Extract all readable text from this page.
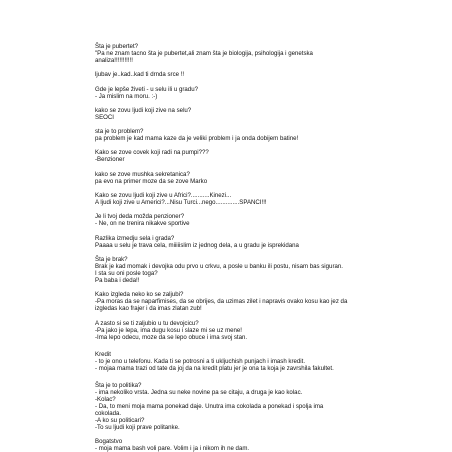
Šta je pubertet?
"Pa ne znam tacno šta je pubertet,ali znam šta je biologija, psihologija i genetska
analiza!!!!!!!!!!!
ljubav je..kad..kad ti drnda srce !!
Gde je lepše živeti - u selu ili u gradu?
- Ja mislim na moru. :-)
kako se zovu ljudi koji zive na selu?
SEOCI
sta je to problem?
pa problem je kad mama kaze da je veliki problem i ja onda dobijem batine!
Kako se zove covek koji radi na pumpi???
-Benzioner
kako se zove mushka sekretanica?
pa evo na primer moze da se zove Marko
Kako se zovu ljudi koji zive u Africi?...........Kinezi...
A ljudi koji zive u Americi?...Nisu Turci...nego..............SPANCI!!!
Je li tvoj deda možda penzioner?
- Ne, on ne trenira nikakve sportive
Razlika izmedju sela i grada?
Paaaa u selu je trava cela, miiiiislim iz jednog dela, a u gradu je isprekidana
Šta je brak?
Brak je kad momak i devojka odu prvo u crkvu, a posle u banku ili postu, nisam bas siguran.
I sta su oni posle toga?
Pa baba i deda!!
Kako izgleda neko ko se zaljubi?
-Pa moras da se naparfimises, da se obrijes, da uzimas zilet i napravis ovako kosu kao jez da
izgledas kao frajer i da imas zlatan zub!
A zasto si se ti zaljubio u tu devojcicu?
-Pa jako je lepa, ima dugu kosu i slaze mi se uz mene!
-Ima lepo odecu, moze da se lepo obuce i ima svoj stan.
Kredit
- to je ono u telefonu. Kada ti se potrosni a ti ukljuchish punjach i imash kredit.
- mojaa mama trazi od tate da joj da na kredit platu jer je ona ta koja je zavrshila fakultet.
Šta je to politika?
- ima nekoliko vrsta. Jedna su neke novine pa se citaju, a druga je kao kolac.
-Kolac?
- Da, to meni moja mama ponekad daje. Unutra ima cokolada a ponekad i spolja ima
cokolada.
-A ko su politicari?
-To su ljudi koji prave politanke.
Bogatstvo
- moja mama bash voli pare. Volim i ja i nikom ih ne dam.
